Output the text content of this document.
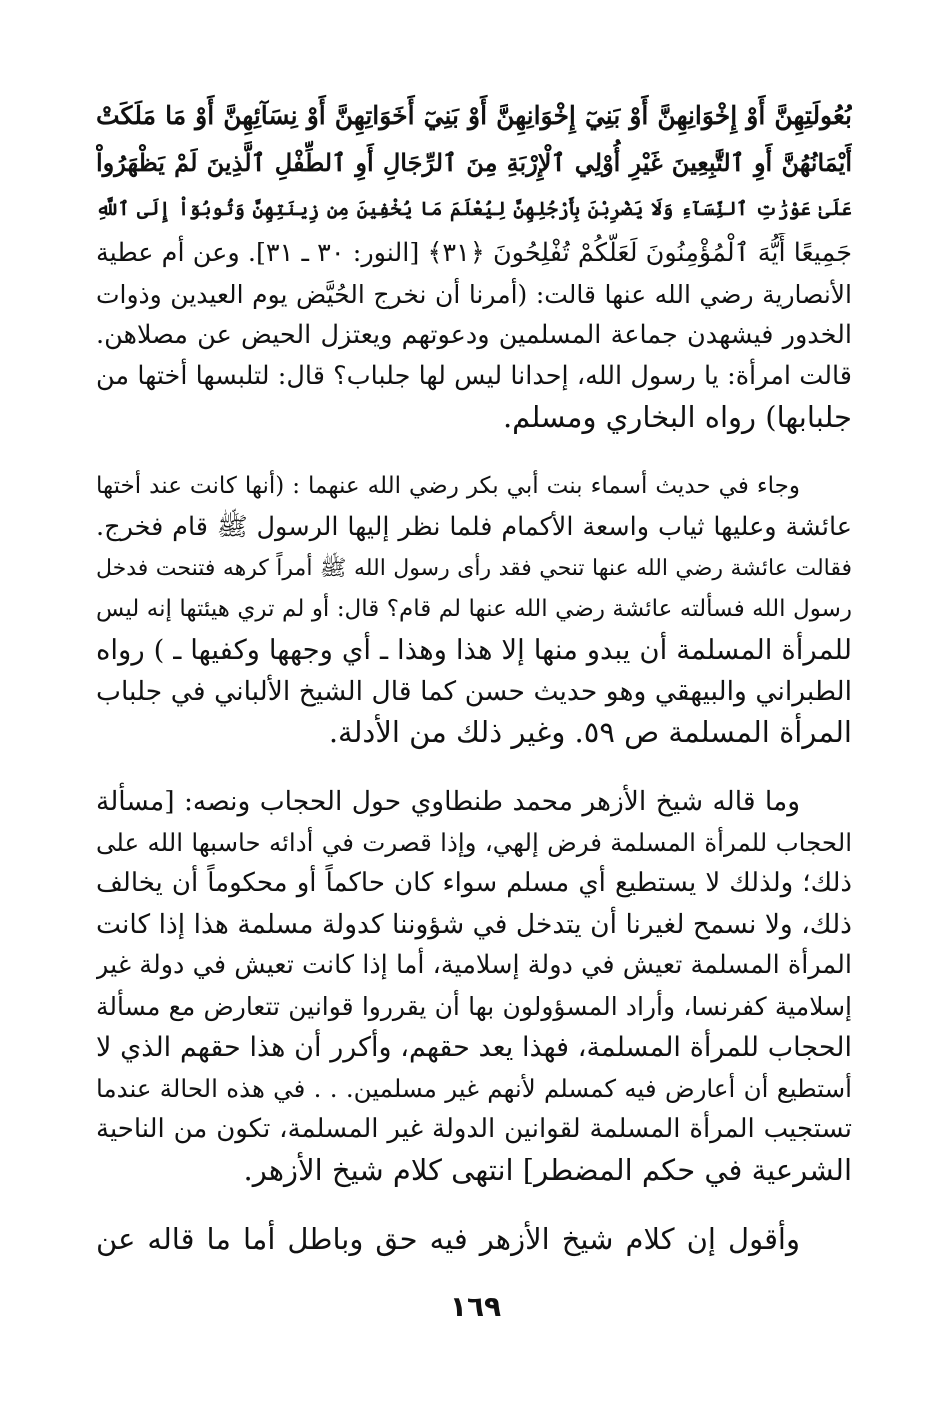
بُعُولَتِهِنَّ أَوْ إِخْوَانِهِنَّ أَوْ بَنِيٓ إِخْوَانِهِنَّ أَوْ بَنِيٓ أَخَوَاتِهِنَّ أَوْ نِسَآئِهِنَّ أَوْ مَا مَلَكَتْ
أَيْمَانُهُنَّ أَوِ ٱلتَّٰبِعِينَ غَيْرِ أُوْلِي ٱلْإِرْبَةِ مِنَ ٱلرِّجَالِ أَوِ ٱلطِّفْلِ ٱلَّذِينَ لَمْ يَظْهَرُواْ
عَلَىٰ عَوْرَٰتِ ٱلنِّسَآءِ وَلَا يَضْرِبْنَ بِأَرْجُلِهِنَّ لِيُعْلَمَ مَا يُخْفِينَ مِن زِينَتِهِنَّ وَتُوبُوٓاْ إِلَى ٱللَّهِ
جَمِيعًا أَيُّهَ ٱلْمُؤْمِنُونَ لَعَلَّكُمْ تُفْلِحُونَ ﴿٣١﴾ [النور: ٣٠ ـ ٣١]. وعن أم عطية
الأنصارية رضي الله عنها قالت: (أمرنا أن نخرج الحُيَّض يوم العيدين وذوات
الخدور فيشهدن جماعة المسلمين ودعوتهم ويعتزل الحيض عن مصلاهن.
قالت امرأة: يا رسول الله، إحدانا ليس لها جلباب؟ قال: لتلبسها أختها من
جلبابها) رواه البخاري ومسلم.
وجاء في حديث أسماء بنت أبي بكر رضي الله عنهما : (أنها كانت عند أختها
عائشة وعليها ثياب واسعة الأكمام فلما نظر إليها الرسول ﷺ قام فخرج.
فقالت عائشة رضي الله عنها تنحي فقد رأى رسول الله ﷺ أمراً كرهه فتنحت فدخل
رسول الله فسألته عائشة رضي الله عنها لم قام؟ قال: أو لم تري هيئتها إنه ليس
للمرأة المسلمة أن يبدو منها إلا هذا وهذا ـ أي وجهها وكفيها ـ ) رواه
الطبراني والبيهقي وهو حديث حسن كما قال الشيخ الألباني في جلباب
المرأة المسلمة ص ٥٩. وغير ذلك من الأدلة.
وما قاله شيخ الأزهر محمد طنطاوي حول الحجاب ونصه: [مسألة
الحجاب للمرأة المسلمة فرض إلهي، وإذا قصرت في أدائه حاسبها الله على
ذلك؛ ولذلك لا يستطيع أي مسلم سواء كان حاكماً أو محكوماً أن يخالف
ذلك، ولا نسمح لغيرنا أن يتدخل في شؤوننا كدولة مسلمة هذا إذا كانت
المرأة المسلمة تعيش في دولة إسلامية، أما إذا كانت تعيش في دولة غير
إسلامية كفرنسا، وأراد المسؤولون بها أن يقرروا قوانين تتعارض مع مسألة
الحجاب للمرأة المسلمة، فهذا يعد حقهم، وأكرر أن هذا حقهم الذي لا
أستطيع أن أعارض فيه كمسلم لأنهم غير مسلمين. . . في هذه الحالة عندما
تستجيب المرأة المسلمة لقوانين الدولة غير المسلمة، تكون من الناحية
الشرعية في حكم المضطر] انتهى كلام شيخ الأزهر.
وأقول إن كلام شيخ الأزهر فيه حق وباطل أما ما قاله عن
١٦٩
